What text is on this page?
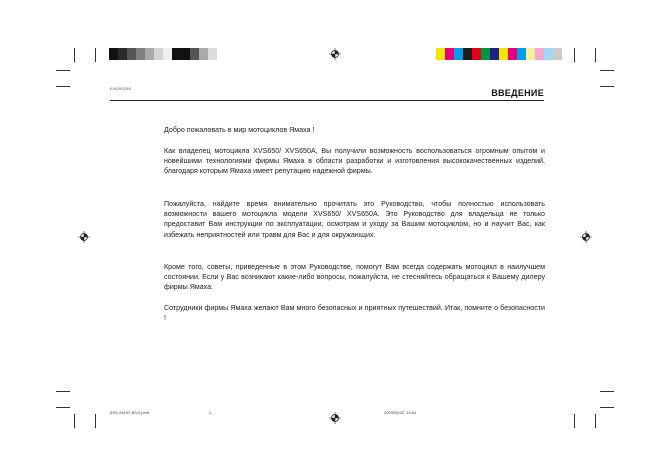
EAU00338	ВВЕДЕНИЕ
Добро пожаловать в мир мотоциклов Ямаха !
Как владелец мотоцикла XVS650/ XVS650A, Вы получили возможность воспользоваться огромным опытом и новейшими технологиями фирмы Ямаха в области разработки и изготовления высококачественных изделий, благодаря которым Ямаха имеет репутацию надежной фирмы.
Пожалуйста, найдите время внимательно прочитать это Руководство, чтобы полностью использовать возможности вашего мотоцикла модели XVS650/ XVS650A. Это Руководство для владельца не только предоставит Вам инструкции по эксплуатации, осмотрам и уходу за Вашим мотоциклом, но и научит Вас, как избежать неприятностей или травм для Вас и для окружающих.
Кроме того, советы, приведенные в этом Руководстве, помогут Вам всегда содержать мотоцикл в наилучшем состоянии. Если у Вас возникают какие-либо вопросы, пожалуйста, не стесняйтесь обращаться к Вашему дилеру фирмы Ямаха.
Сотрудники фирмы Ямаха желают Вам много безопасных и приятных путешествий. Итак, помните о безопасности !
5SC-28197-R0-0.pmd	1	2003/05/22, 15:04
